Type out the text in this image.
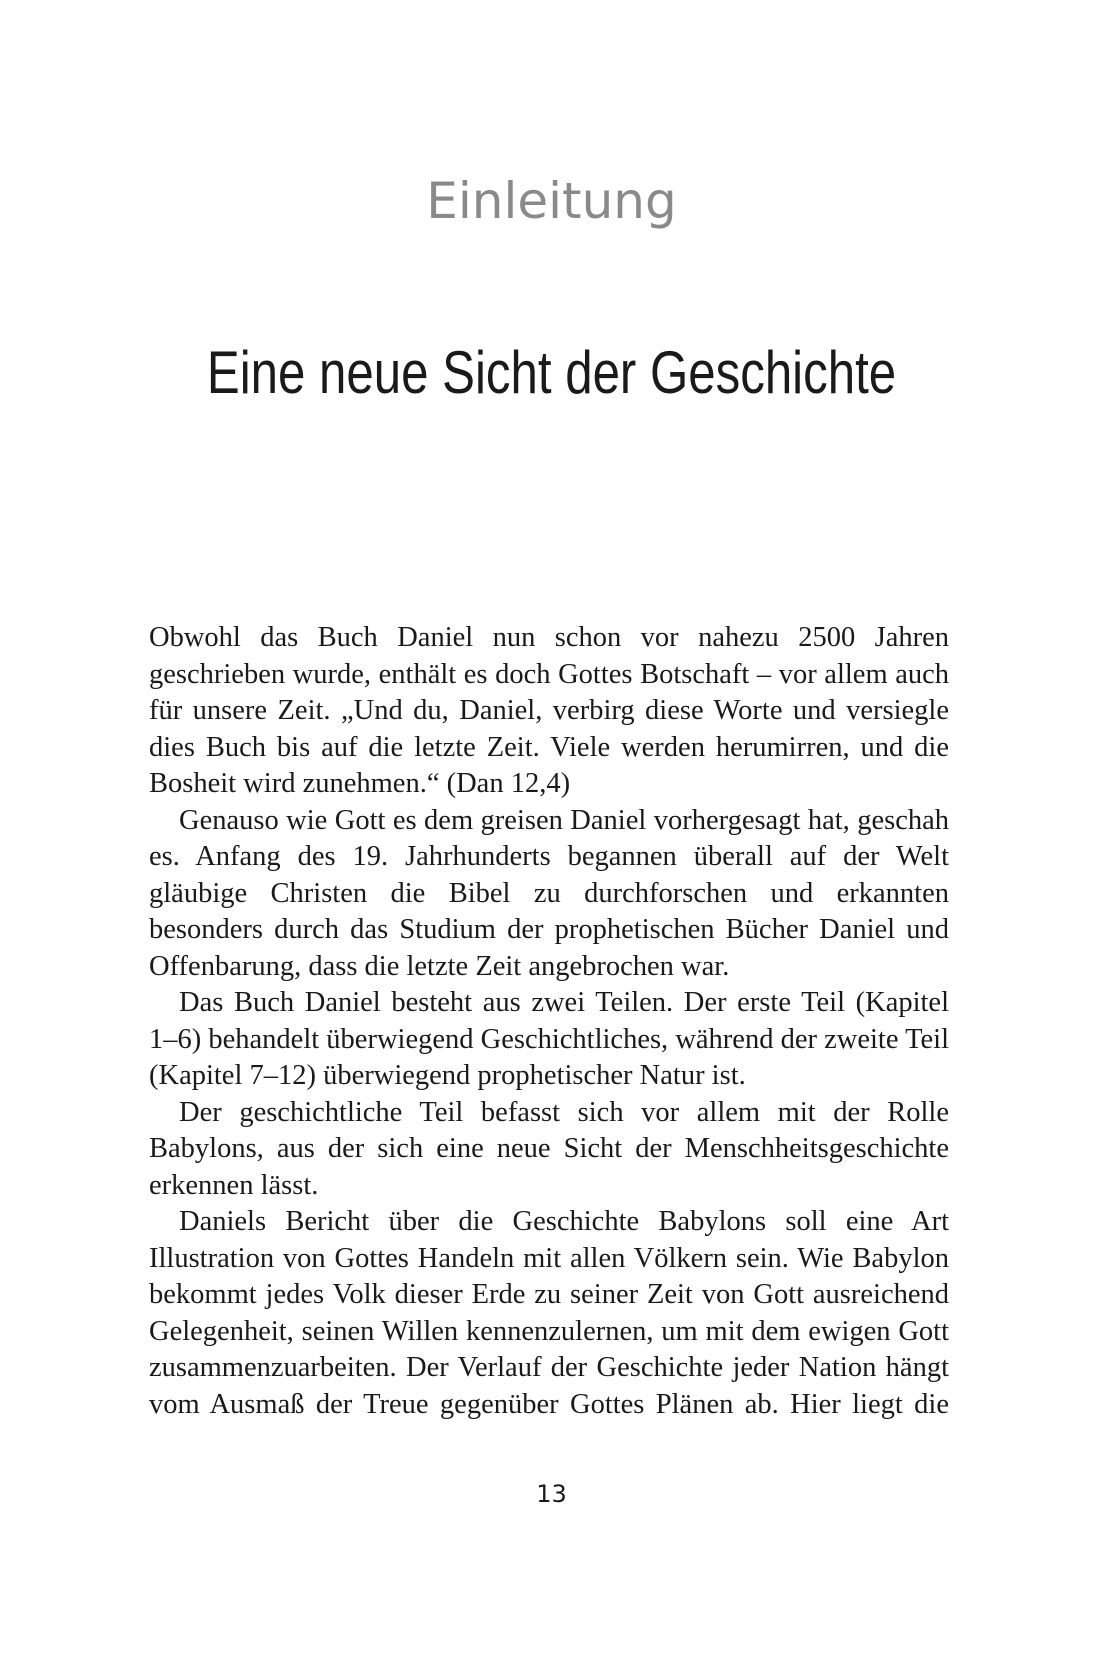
Einleitung
Eine neue Sicht der Geschichte

Obwohl das Buch Daniel nun schon vor nahezu 2500 Jahren geschrieben wurde, enthält es doch Gottes Botschaft – vor allem auch für unsere Zeit. „Und du, Daniel, verbirg diese Worte und versiegle dies Buch bis auf die letzte Zeit. Viele werden herumirren, und die Bosheit wird zunehmen.“ (Dan 12,4)

Genauso wie Gott es dem greisen Daniel vorhergesagt hat, geschah es. Anfang des 19. Jahrhunderts begannen überall auf der Welt gläubige Christen die Bibel zu durchforschen und erkannten besonders durch das Studium der prophetischen Bücher Daniel und Offenbarung, dass die letzte Zeit angebrochen war.

Das Buch Daniel besteht aus zwei Teilen. Der erste Teil (Kapitel 1–6) behandelt überwiegend Geschichtliches, während der zweite Teil (Kapitel 7–12) überwiegend prophetischer Natur ist.

Der geschichtliche Teil befasst sich vor allem mit der Rolle Babylons, aus der sich eine neue Sicht der Menschheitsgeschichte erkennen lässt.

Daniels Bericht über die Geschichte Babylons soll eine Art Illustration von Gottes Handeln mit allen Völkern sein. Wie Babylon bekommt jedes Volk dieser Erde zu seiner Zeit von Gott ausreichend Gelegenheit, seinen Willen kennenzulernen, um mit dem ewigen Gott zusammenzuarbeiten. Der Verlauf der Geschichte jeder Nation hängt vom Ausmaß der Treue gegenüber Gottes Plänen ab. Hier liegt die

13
